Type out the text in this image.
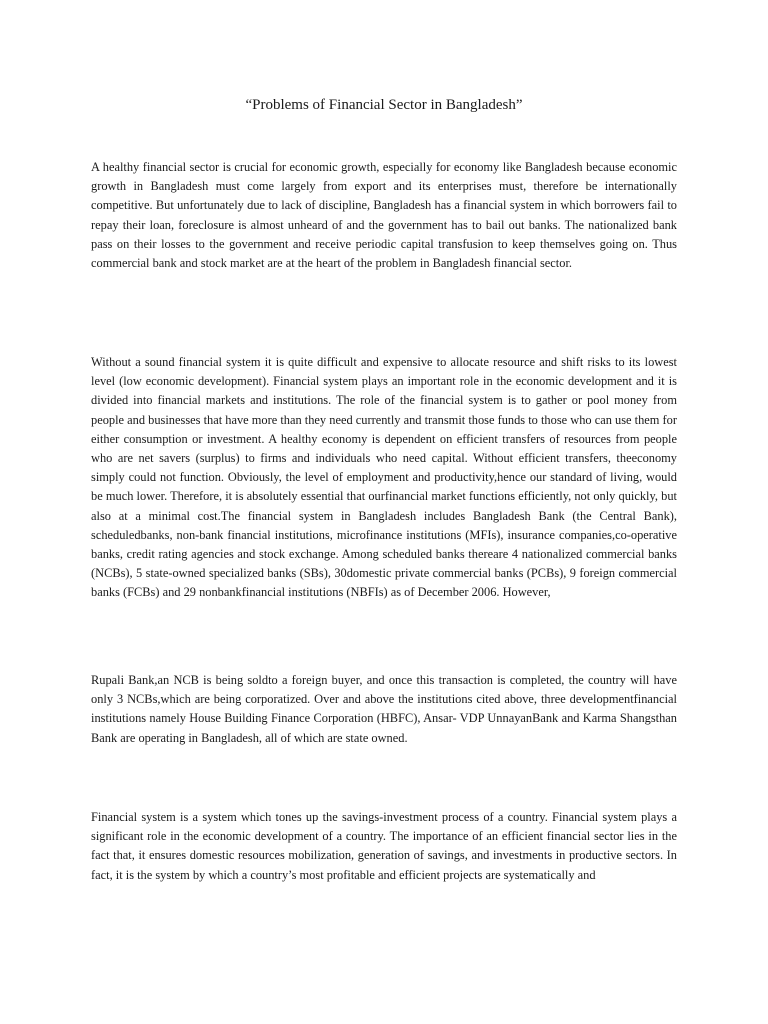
“Problems of Financial Sector in Bangladesh”

A healthy financial sector is crucial for economic growth, especially for economy like Bangladesh because economic growth in Bangladesh must come largely from export and its enterprises must, therefore be internationally competitive. But unfortunately due to lack of discipline, Bangladesh has a financial system in which borrowers fail to repay their loan, foreclosure is almost unheard of and the government has to bail out banks. The nationalized bank pass on their losses to the government and receive periodic capital transfusion to keep themselves going on. Thus commercial bank and stock market are at the heart of the problem in Bangladesh financial sector.

Without a sound financial system it is quite difficult and expensive to allocate resource and shift risks to its lowest level (low economic development). Financial system plays an important role in the economic development and it is divided into financial markets and institutions. The role of the financial system is to gather or pool money from people and businesses that have more than they need currently and transmit those funds to those who can use them for either consumption or investment. A healthy economy is dependent on efficient transfers of resources from people who are net savers (surplus) to firms and individuals who need capital. Without efficient transfers, theeconomy simply could not function. Obviously, the level of employment and productivity,hence our standard of living, would be much lower. Therefore, it is absolutely essential that ourfinancial market functions efficiently, not only quickly, but also at a minimal cost.The financial system in Bangladesh includes Bangladesh Bank (the Central Bank), scheduledbanks, non-bank financial institutions, microfinance institutions (MFIs), insurance companies,co-operative banks, credit rating agencies and stock exchange. Among scheduled banks thereare 4 nationalized commercial banks (NCBs), 5 state-owned specialized banks (SBs), 30domestic private commercial banks (PCBs), 9 foreign commercial banks (FCBs) and 29 nonbankfinancial institutions (NBFIs) as of December 2006. However,

Rupali Bank,an NCB is being soldto a foreign buyer, and once this transaction is completed, the country will have only 3 NCBs,which are being corporatized. Over and above the institutions cited above, three developmentfinancial institutions namely House Building Finance Corporation (HBFC), Ansar- VDP UnnayanBank and Karma Shangsthan Bank are operating in Bangladesh, all of which are state owned.

Financial system is a system which tones up the savings-investment process of a country. Financial system plays a significant role in the economic development of a country. The importance of an efficient financial sector lies in the fact that, it ensures domestic resources mobilization, generation of savings, and investments in productive sectors. In fact, it is the system by which a country’s most profitable and efficient projects are systematically and
